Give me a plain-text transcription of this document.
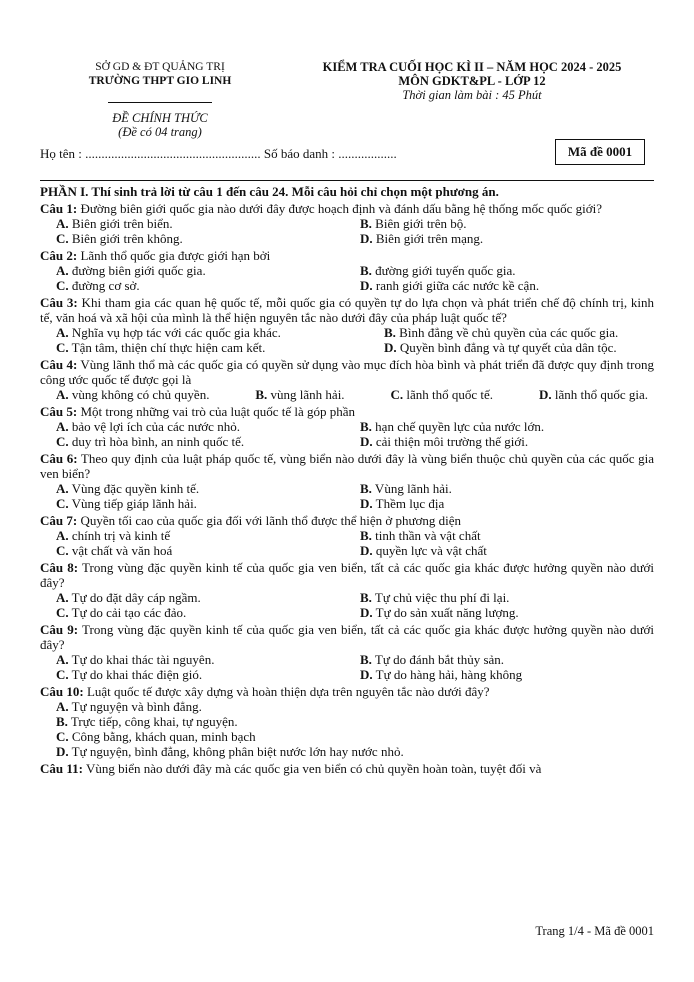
SỞ GD & ĐT QUẢNG TRỊ
TRƯỜNG THPT GIO LINH
ĐỀ CHÍNH THỨC
(Đề có 04 trang)
KIỂM TRA CUỐI HỌC KÌ II – NĂM HỌC 2024 - 2025
MÔN GDKT&PL - LỚP 12
Thời gian làm bài : 45 Phút
Họ tên : ...................................................... Số báo danh : ..................	Mã đề 0001
PHẦN I. Thí sinh trả lời từ câu 1 đến câu 24. Mỗi câu hỏi chỉ chọn một phương án.
Câu 1: Đường biên giới quốc gia nào dưới đây được hoạch định và đánh dấu bằng hệ thống mốc quốc giới?
A. Biên giới trên biển.	B. Biên giới trên bộ.
C. Biên giới trên không.	D. Biên giới trên mạng.
Câu 2: Lãnh thổ quốc gia được giới hạn bởi
A. đường biên giới quốc gia.	B. đường giới tuyến quốc gia.
C. đường cơ sở.	D. ranh giới giữa các nước kề cận.
Câu 3: Khi tham gia các quan hệ quốc tế, mỗi quốc gia có quyền tự do lựa chọn và phát triển chế độ chính trị, kinh tế, văn hoá và xã hội của mình là thể hiện nguyên tắc nào dưới đây của pháp luật quốc tế?
A. Nghĩa vụ hợp tác với các quốc gia khác.	B. Bình đẳng về chủ quyền của các quốc gia.
C. Tận tâm, thiện chí thực hiện cam kết.	D. Quyền bình đẳng và tự quyết của dân tộc.
Câu 4: Vùng lãnh thổ mà các quốc gia có quyền sử dụng vào mục đích hòa bình và phát triển đã được quy định trong công ước quốc tế được gọi là
A. vùng không có chủ quyền.	B. vùng lãnh hải.	C. lãnh thổ quốc tế.	D. lãnh thổ quốc gia.
Câu 5: Một trong những vai trò của luật quốc tế là góp phần
A. bảo vệ lợi ích của các nước nhỏ.	B. hạn chế quyền lực của nước lớn.
C. duy trì hòa bình, an ninh quốc tế.	D. cải thiện môi trường thế giới.
Câu 6: Theo quy định của luật pháp quốc tế, vùng biển nào dưới đây là vùng biển thuộc chủ quyền của các quốc gia ven biển?
A. Vùng đặc quyền kinh tế.	B. Vùng lãnh hải.
C. Vùng tiếp giáp lãnh hải.	D. Thềm lục địa
Câu 7: Quyền tối cao của quốc gia đối với lãnh thổ được thể hiện ở phương diện
A. chính trị và kinh tế	B. tinh thần và vật chất
C. vật chất và văn hoá	D. quyền lực và vật chất
Câu 8: Trong vùng đặc quyền kinh tế của quốc gia ven biển, tất cả các quốc gia khác được hưởng quyền nào dưới đây?
A. Tự do đặt dây cáp ngầm.	B. Tự chủ việc thu phí đi lại.
C. Tự do cải tạo các đảo.	D. Tự do sản xuất năng lượng.
Câu 9: Trong vùng đặc quyền kinh tế của quốc gia ven biển, tất cả các quốc gia khác được hưởng quyền nào dưới đây?
A. Tự do khai thác tài nguyên.	B. Tự do đánh bắt thủy sản.
C. Tự do khai thác điện gió.	D. Tự do hàng hải, hàng không
Câu 10: Luật quốc tế được xây dựng và hoàn thiện dựa trên nguyên tắc nào dưới đây?
A. Tự nguyện và bình đẳng.
B. Trực tiếp, công khai, tự nguyện.
C. Công bằng, khách quan, minh bạch
D. Tự nguyện, bình đẳng, không phân biệt nước lớn hay nước nhỏ.
Câu 11: Vùng biển nào dưới đây mà các quốc gia ven biển có chủ quyền hoàn toàn, tuyệt đối và
Trang 1/4 - Mã đề 0001
